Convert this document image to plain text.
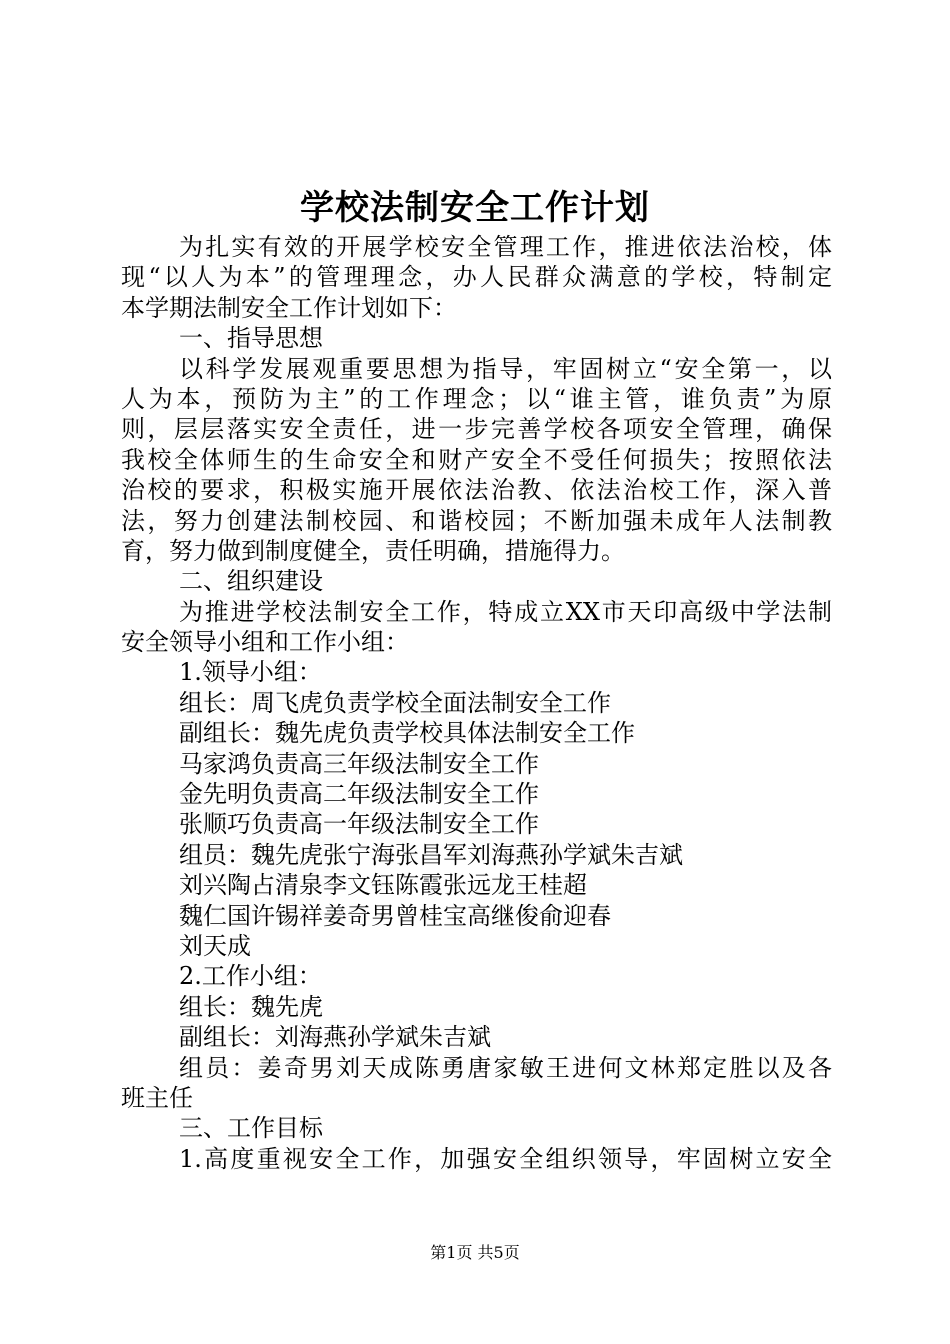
学校法制安全工作计划
为扎实有效的开展学校安全管理工作，推进依法治校，体
现“以人为本”的管理理念，办人民群众满意的学校，特制定
本学期法制安全工作计划如下：
一、指导思想
以科学发展观重要思想为指导，牢固树立“安全第一，以
人为本，预防为主”的工作理念；以“谁主管，谁负责”为原
则，层层落实安全责任，进一步完善学校各项安全管理，确保
我校全体师生的生命安全和财产安全不受任何损失；按照依法
治校的要求，积极实施开展依法治教、依法治校工作，深入普
法，努力创建法制校园、和谐校园；不断加强未成年人法制教
育，努力做到制度健全，责任明确，措施得力。
二、组织建设
为推进学校法制安全工作，特成立XX市天印高级中学法制
安全领导小组和工作小组：
1.领导小组：
组长：周飞虎负责学校全面法制安全工作
副组长：魏先虎负责学校具体法制安全工作
马家鸿负责高三年级法制安全工作
金先明负责高二年级法制安全工作
张顺巧负责高一年级法制安全工作
组员：魏先虎张宁海张昌军刘海燕孙学斌朱吉斌
刘兴陶占清泉李文钰陈霞张远龙王桂超
魏仁国许锡祥姜奇男曾桂宝高继俊俞迎春
刘天成
2.工作小组：
组长：魏先虎
副组长：刘海燕孙学斌朱吉斌
组员：姜奇男刘天成陈勇唐家敏王进何文林郑定胜以及各
班主任
三、工作目标
1.高度重视安全工作，加强安全组织领导，牢固树立安全
第1页 共5页
